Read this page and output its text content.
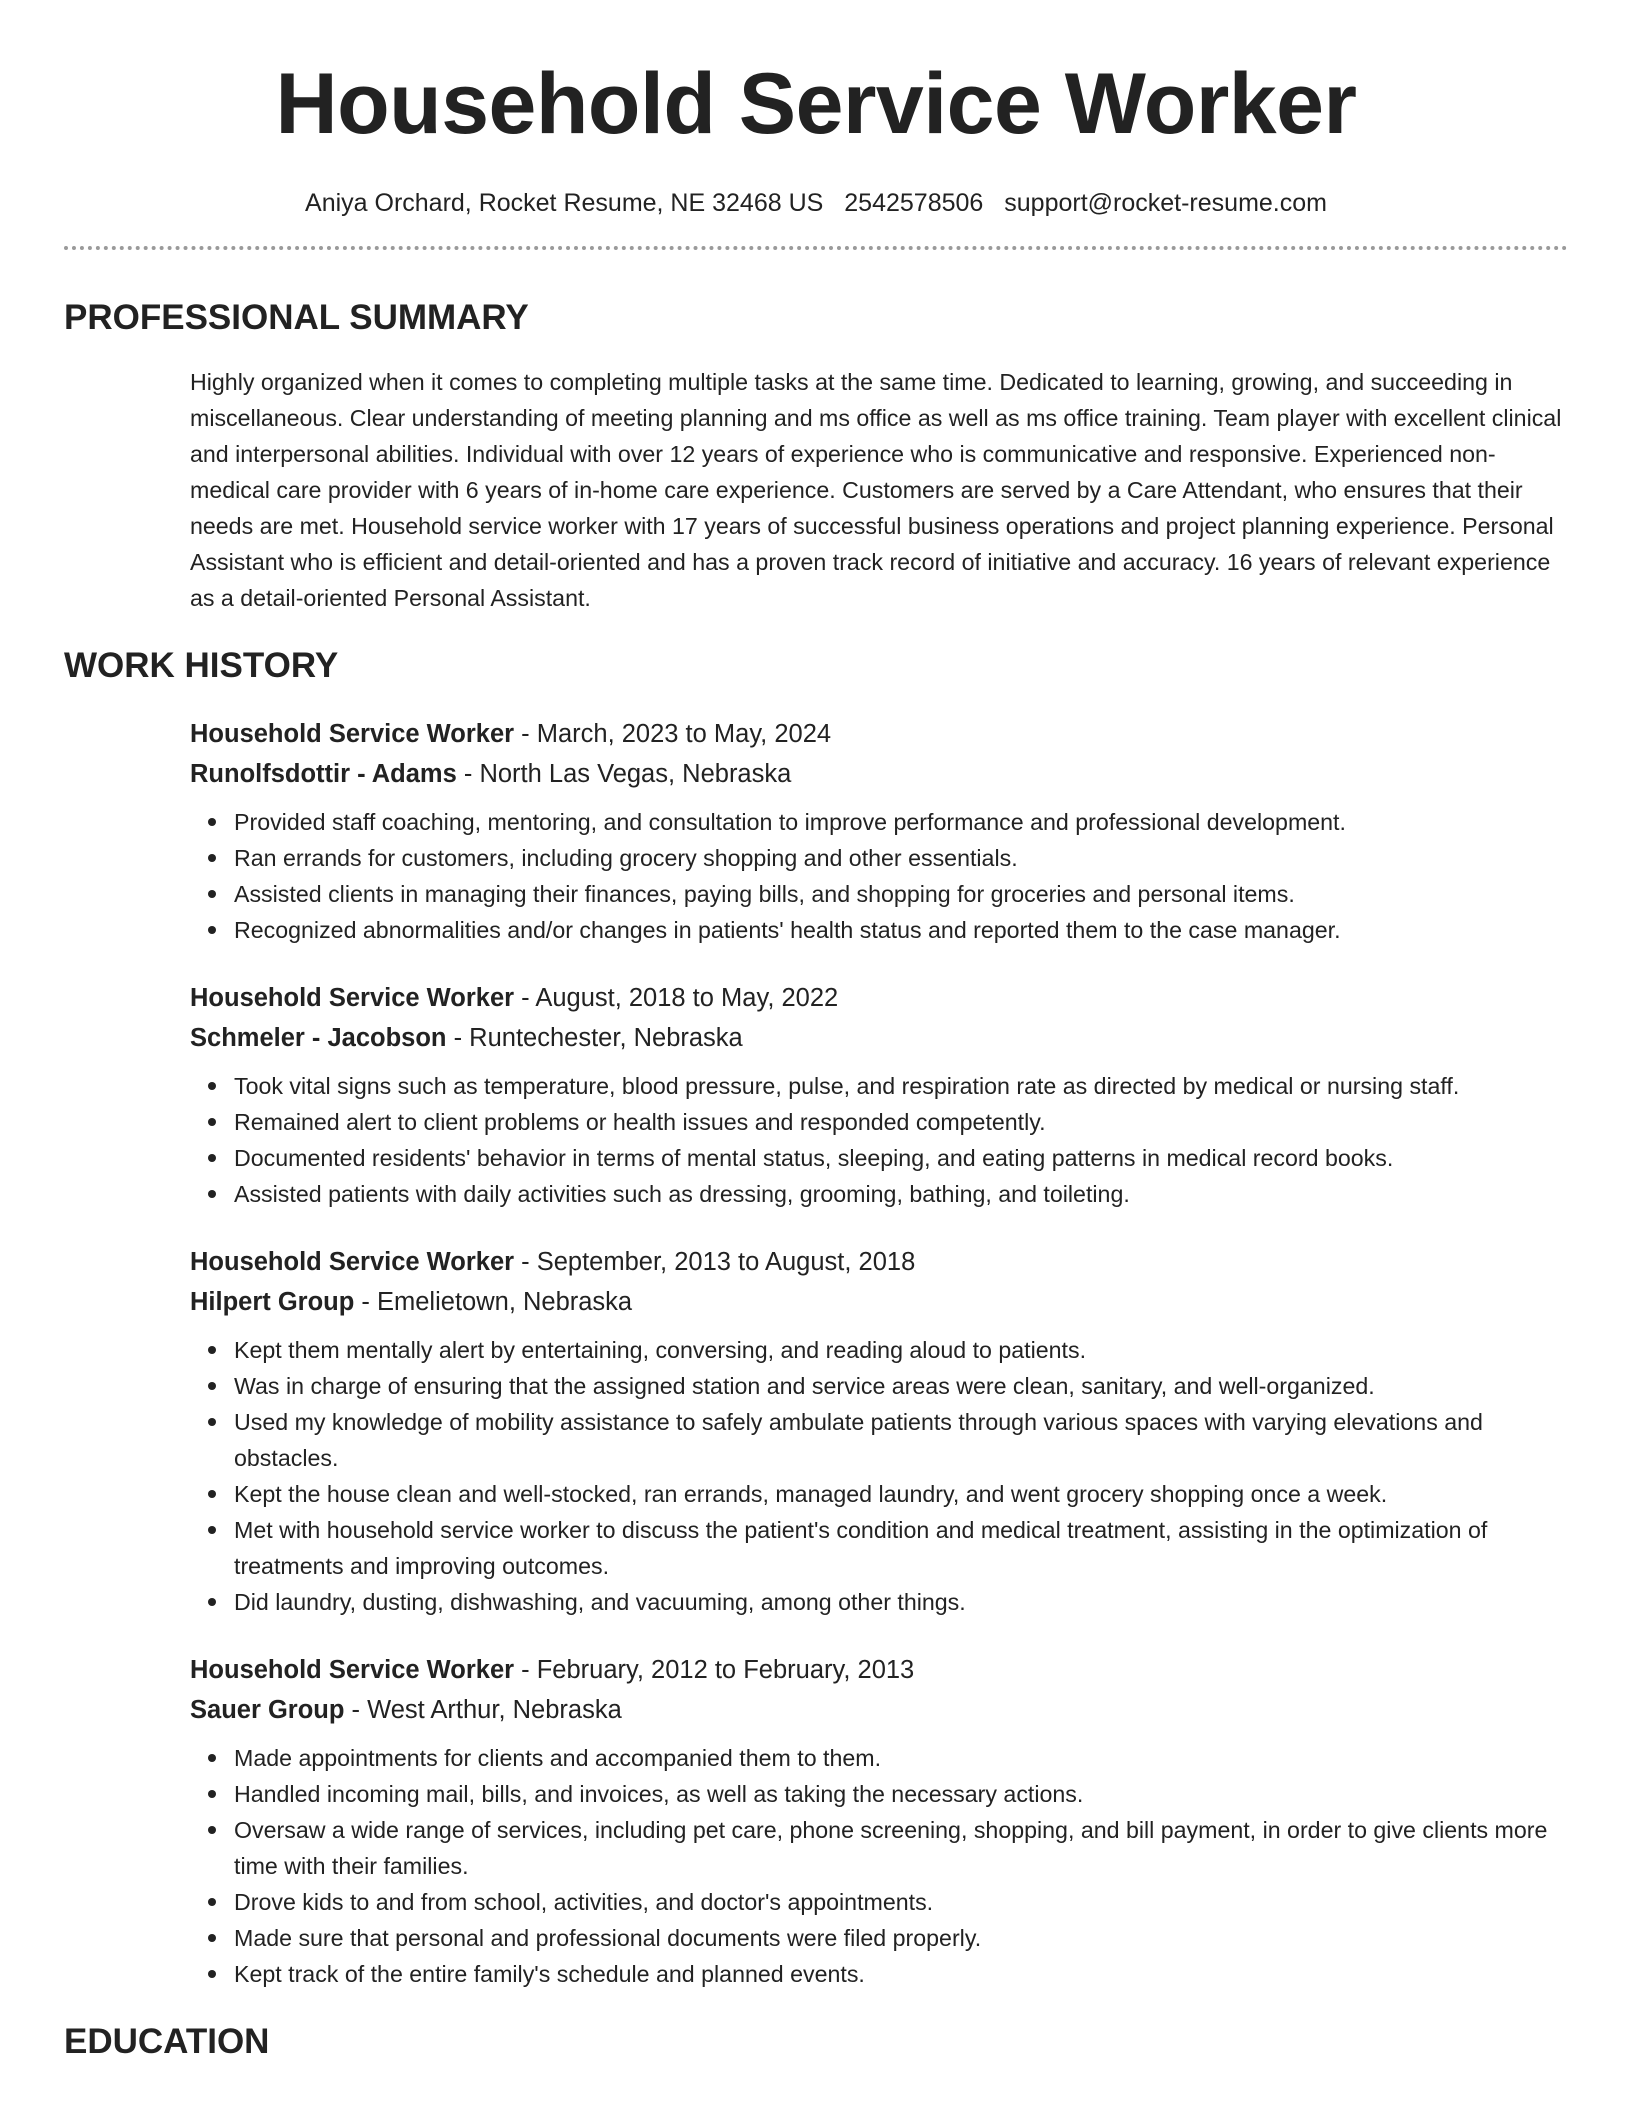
Household Service Worker
Aniya Orchard, Rocket Resume, NE 32468 US 2542578506 support@rocket-resume.com
PROFESSIONAL SUMMARY

Highly organized when it comes to completing multiple tasks at the same time. Dedicated to learning, growing, and succeeding in miscellaneous. Clear understanding of meeting planning and ms office as well as ms office training. Team player with excellent clinical and interpersonal abilities. Individual with over 12 years of experience who is communicative and responsive. Experienced non-medical care provider with 6 years of in-home care experience. Customers are served by a Care Attendant, who ensures that their needs are met. Household service worker with 17 years of successful business operations and project planning experience. Personal Assistant who is efficient and detail-oriented and has a proven track record of initiative and accuracy. 16 years of relevant experience as a detail-oriented Personal Assistant.

WORK HISTORY
Household Service Worker - March, 2023 to May, 2024
Runolfsdottir - Adams - North Las Vegas, Nebraska
Provided staff coaching, mentoring, and consultation to improve performance and professional development.
Ran errands for customers, including grocery shopping and other essentials.
Assisted clients in managing their finances, paying bills, and shopping for groceries and personal items.
Recognized abnormalities and/or changes in patients' health status and reported them to the case manager.
Household Service Worker - August, 2018 to May, 2022
Schmeler - Jacobson - Runtechester, Nebraska
Took vital signs such as temperature, blood pressure, pulse, and respiration rate as directed by medical or nursing staff.
Remained alert to client problems or health issues and responded competently.
Documented residents' behavior in terms of mental status, sleeping, and eating patterns in medical record books.
Assisted patients with daily activities such as dressing, grooming, bathing, and toileting.
Household Service Worker - September, 2013 to August, 2018
Hilpert Group - Emelietown, Nebraska
Kept them mentally alert by entertaining, conversing, and reading aloud to patients.
Was in charge of ensuring that the assigned station and service areas were clean, sanitary, and well-organized.
Used my knowledge of mobility assistance to safely ambulate patients through various spaces with varying elevations and obstacles.
Kept the house clean and well-stocked, ran errands, managed laundry, and went grocery shopping once a week.
Met with household service worker to discuss the patient's condition and medical treatment, assisting in the optimization of treatments and improving outcomes.
Did laundry, dusting, dishwashing, and vacuuming, among other things.
Household Service Worker - February, 2012 to February, 2013
Sauer Group - West Arthur, Nebraska
Made appointments for clients and accompanied them to them.
Handled incoming mail, bills, and invoices, as well as taking the necessary actions.
Oversaw a wide range of services, including pet care, phone screening, shopping, and bill payment, in order to give clients more time with their families.
Drove kids to and from school, activities, and doctor's appointments.
Made sure that personal and professional documents were filed properly.
Kept track of the entire family's schedule and planned events.
EDUCATION
